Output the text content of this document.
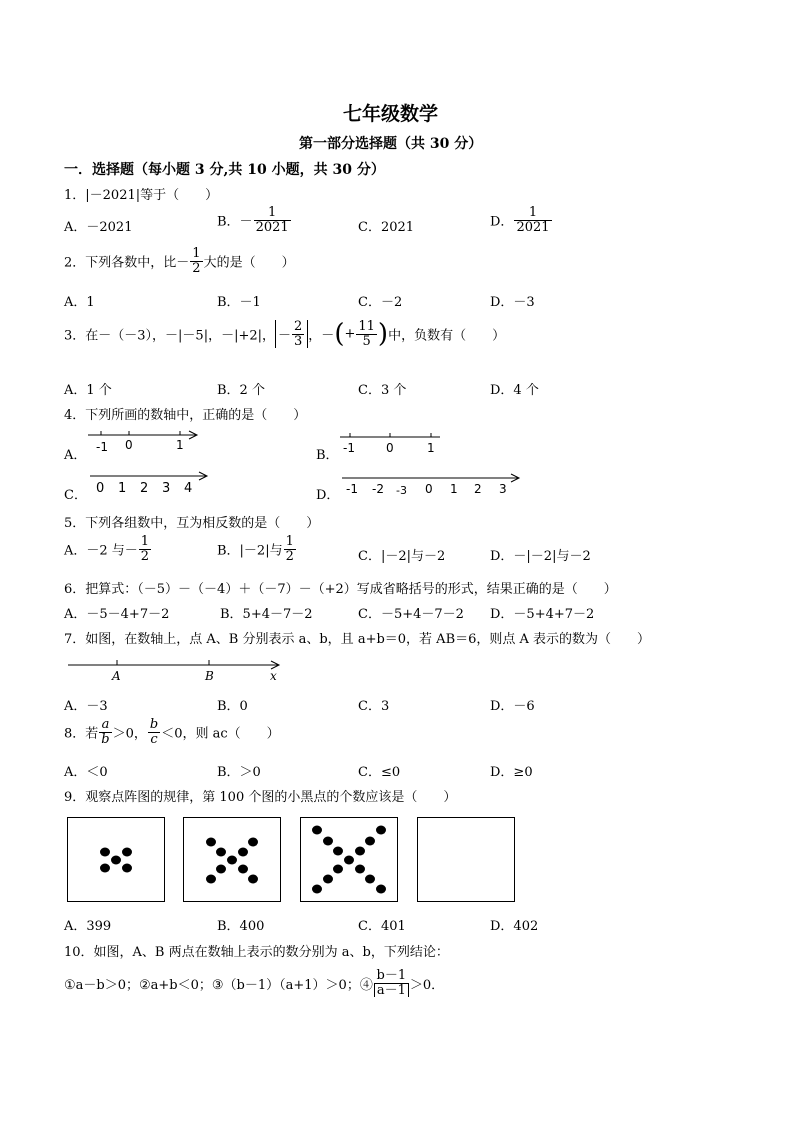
七年级数学
第一部分选择题（共 30 分）
一．选择题（每小题 3 分,共 10 小题，共 30 分）
1．|－2021|等于（　　）
A．－2021	B．－ $\frac{1}{2021}$	C．2021	D． $\frac{1}{2021}$
2．下列各数中，比－ $\frac{1}{2}$ 大的是（　　）
A．1	B．－1	C．－2	D．－3
3．在－（－3），－|－5|，－|+2|， － $\frac{2}{3}$ ，－(+ $\frac{11}{5}$ )中，负数有（　　）
A．1 个	B．2 个	C．3 个	D．4 个
4．下列所画的数轴中，正确的是（　　）
A．	B．
C．	D．
-1 0	1	-1	0	1
0 1 2 3 4	-1 -2 -3 0 1 2 3
5．下列各组数中，互为相反数的是（　　）
A．－2 与－ $\frac{1}{2}$	B．|－2|与 $\frac{1}{2}$	C．|－2|与－2	D．－|－2|与－2
6．把算式：（－5）－（－4）＋（－7）－（+2）写成省略括号的形式，结果正确的是（　　）
A．－5－4+7－2	B．5+4－7－2	C．－5+4－7－2 D．－5+4+7－2
7．如图，在数轴上，点 A、B 分别表示 a、b，且 a+b＝0，若 AB＝6，则点 A 表示的数为（　　）
A	B	x
A．－3	B．0	C．3	D．－6
8．若 $\frac{a}{b} >0$， $\frac{b}{c} <0$，则 ac（　　）
A．＜0	B．＞0	C．≤0	D．≥0
9．观察点阵图的规律，第 100 个图的小黑点的个数应该是（　　）
A．399	B．400	C．401	D．402
10．如图，A、B 两点在数轴上表示的数分别为 a、b，下列结论：
①a－b＞0；②a+b＜0；③（b－1）（a+1）＞0；④ $\frac{b-1}{a-1} >0$．
